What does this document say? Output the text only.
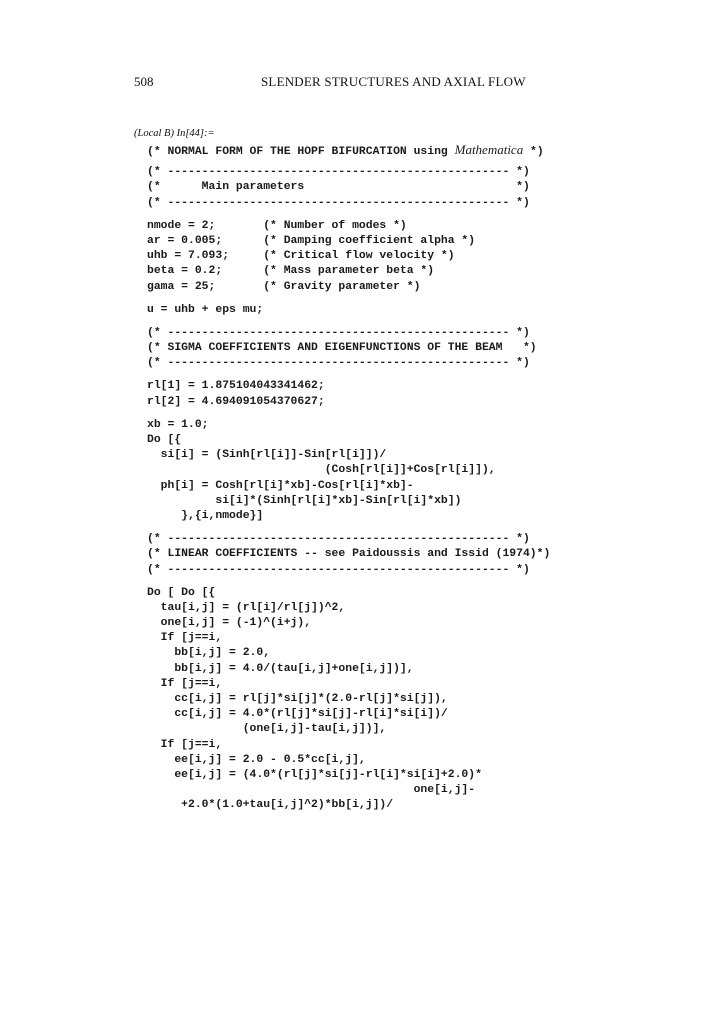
508	SLENDER STRUCTURES AND AXIAL FLOW
(Local B) In[44]:=
(* NORMAL FORM OF THE HOPF BIFURCATION using Mathematica *)
(* -------------------------------------------------- *)
(*      Main parameters                               *)
(* -------------------------------------------------- *)
nmode = 2;       (* Number of modes *)
ar = 0.005;      (* Damping coefficient alpha *)
uhb = 7.093;     (* Critical flow velocity *)
beta = 0.2;      (* Mass parameter beta *)
gama = 25;       (* Gravity parameter *)
u = uhb + eps mu;
(* -------------------------------------------------- *)
(* SIGMA COEFFICIENTS AND EIGENFUNCTIONS OF THE BEAM   *)
(* -------------------------------------------------- *)
rl[1] = 1.875104043341462;
rl[2] = 4.694091054370627;
xb = 1.0;
Do [{
si[i] = (Sinh[rl[i]]-Sin[rl[i]])/
(Cosh[rl[i]]+Cos[rl[i]]),
ph[i] = Cosh[rl[i]*xb]-Cos[rl[i]*xb]-
si[i]*(Sinh[rl[i]*xb]-Sin[rl[i]*xb])
},{i,nmode}]
(* -------------------------------------------------- *)
(* LINEAR COEFFICIENTS -- see Paidoussis and Issid (1974)*)
(* -------------------------------------------------- *)
Do [ Do [{
tau[i,j] = (rl[i]/rl[j])^2,
one[i,j] = (-1)^(i+j),
If [j==i,
bb[i,j] = 2.0,
bb[i,j] = 4.0/(tau[i,j]+one[i,j])],
If [j==i,
cc[i,j] = rl[j]*si[j]*(2.0-rl[j]*si[j]),
cc[i,j] = 4.0*(rl[j]*si[j]-rl[i]*si[i])/
(one[i,j]-tau[i,j])],
If [j==i,
ee[i,j] = 2.0 - 0.5*cc[i,j],
ee[i,j] = (4.0*(rl[j]*si[j]-rl[i]*si[i]+2.0)*
one[i,j]-
+2.0*(1.0+tau[i,j]^2)*bb[i,j])/
